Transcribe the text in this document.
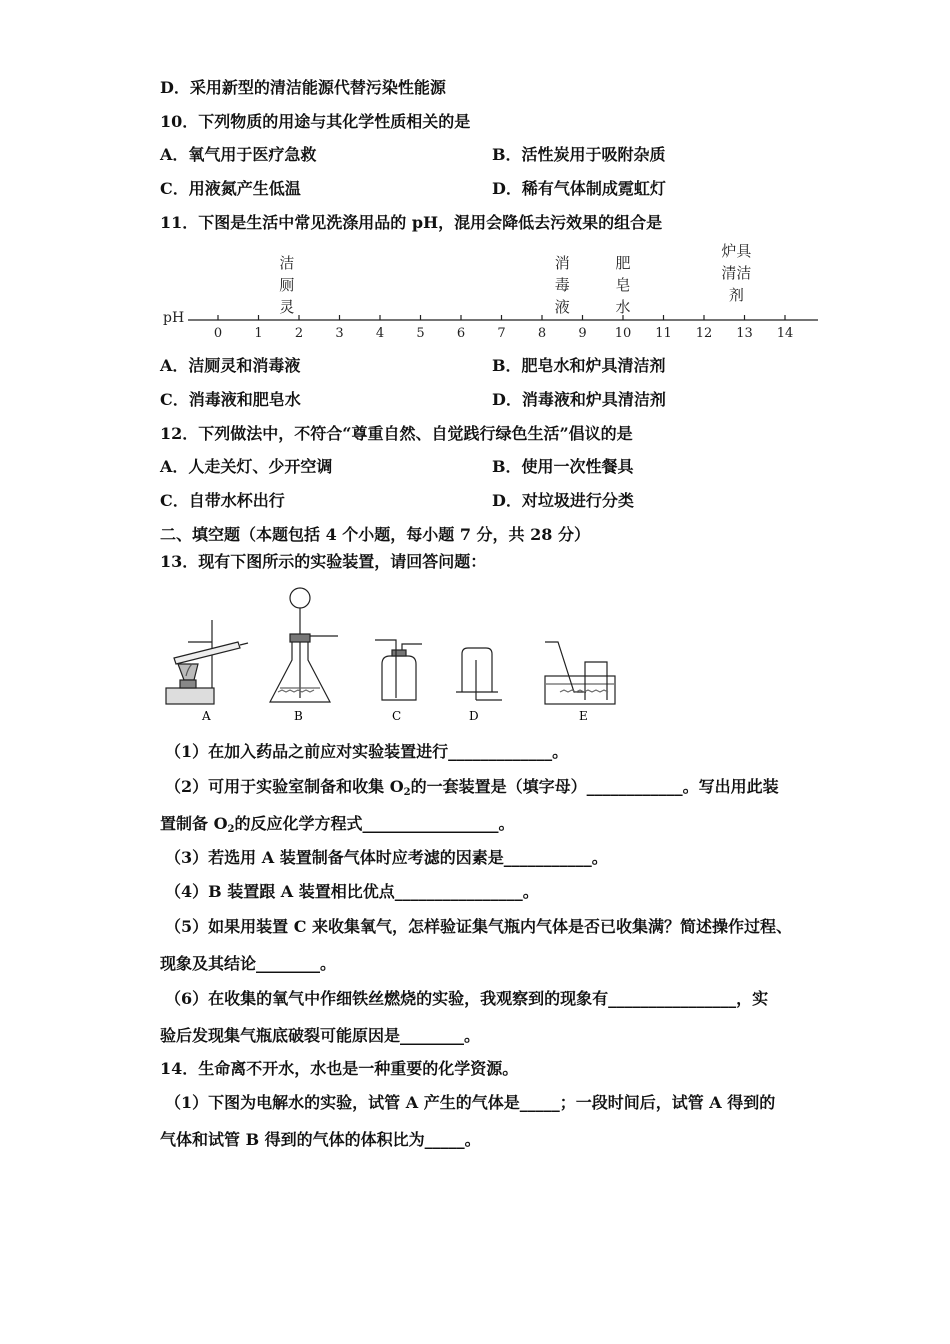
D．采用新型的清洁能源代替污染性能源
10．下列物质的用途与其化学性质相关的是
A．氧气用于医疗急救	B．活性炭用于吸附杂质
C．用液氮产生低温	D．稀有气体制成霓虹灯
11．下图是生活中常见洗涤用品的 pH，混用会降低去污效果的组合是
pH
0 1 2 3 4 5 6 7 8 9 10 11 12 13 14
洁
厕
灵
消
毒
液
肥
皂
水
炉具
清洁
剂
A．洁厕灵和消毒液	B．肥皂水和炉具清洁剂
C．消毒液和肥皂水	D．消毒液和炉具清洁剂
12．下列做法中，不符合“尊重自然、自觉践行绿色生活”倡议的是
A．人走关灯、少开空调	B．使用一次性餐具
C．自带水杯出行	D．对垃圾进行分类
二、填空题（本题包括 4 个小题，每小题 7 分，共 28 分）
13．现有下图所示的实验装置，请回答问题：
A	B	C	D	E
（1）在加入药品之前应对实验装置进行_____________。
（2）可用于实验室制备和收集 $O_2$的一套装置是（填字母）____________。写出用此装
置制备 $O_2$的反应化学方程式_________________。
（3）若选用 A 装置制备气体时应考滤的因素是___________。
（4）B 装置跟 A 装置相比优点________________。
（5）如果用装置 C 来收集氧气，怎样验证集气瓶内气体是否已收集满？简述操作过程、
现象及其结论________。
（6）在收集的氧气中作细铁丝燃烧的实验，我观察到的现象有________________，实
验后发现集气瓶底破裂可能原因是________。
14．生命离不开水，水也是一种重要的化学资源。
（1）下图为电解水的实验，试管 A 产生的气体是_____；一段时间后，试管 A 得到的
气体和试管 B 得到的气体的体积比为_____。
